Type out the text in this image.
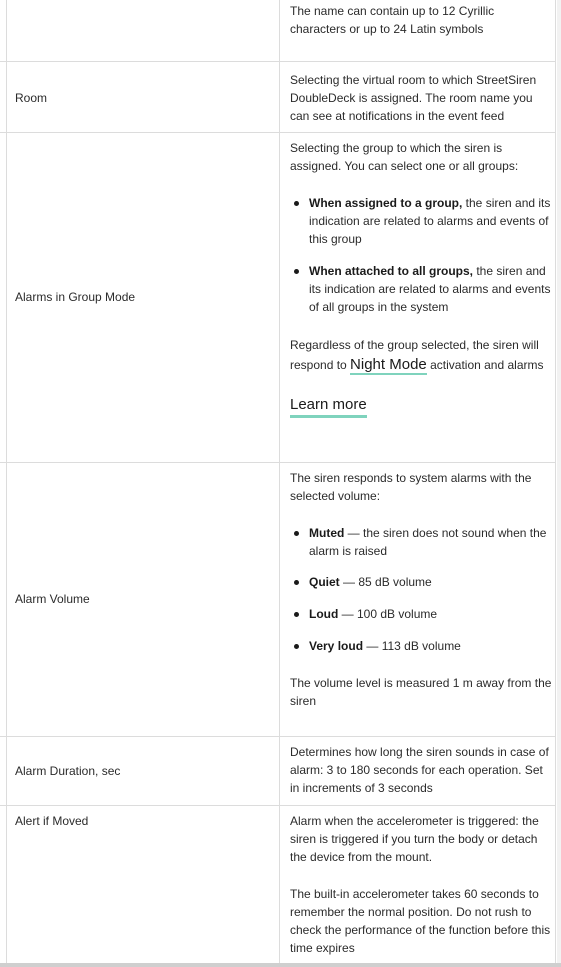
The name can contain up to 12 Cyrillic characters or up to 24 Latin symbols

Room

Selecting the virtual room to which StreetSiren DoubleDeck is assigned. The room name you can see at notifications in the event feed

Alarms in Group Mode

Selecting the group to which the siren is assigned. You can select one or all groups:

When assigned to a group, the siren and its indication are related to alarms and events of this group

When attached to all groups, the siren and its indication are related to alarms and events of all groups in the system

Regardless of the group selected, the siren will respond to Night Mode activation and alarms

Learn more
Alarm Volume

The siren responds to system alarms with the selected volume:

Muted — the siren does not sound when the alarm is raised

Quiet — 85 dB volume

Loud — 100 dB volume

Very loud — 113 dB volume

The volume level is measured 1 m away from the siren

Alarm Duration, sec

Determines how long the siren sounds in case of alarm: 3 to 180 seconds for each operation. Set in increments of 3 seconds

Alert if Moved	Alarm when the accelerometer is triggered: the siren is triggered if you turn the body or detach the device from the mount.

The built-in accelerometer takes 60 seconds to remember the normal position. Do not rush to check the performance of the function before this time expires
